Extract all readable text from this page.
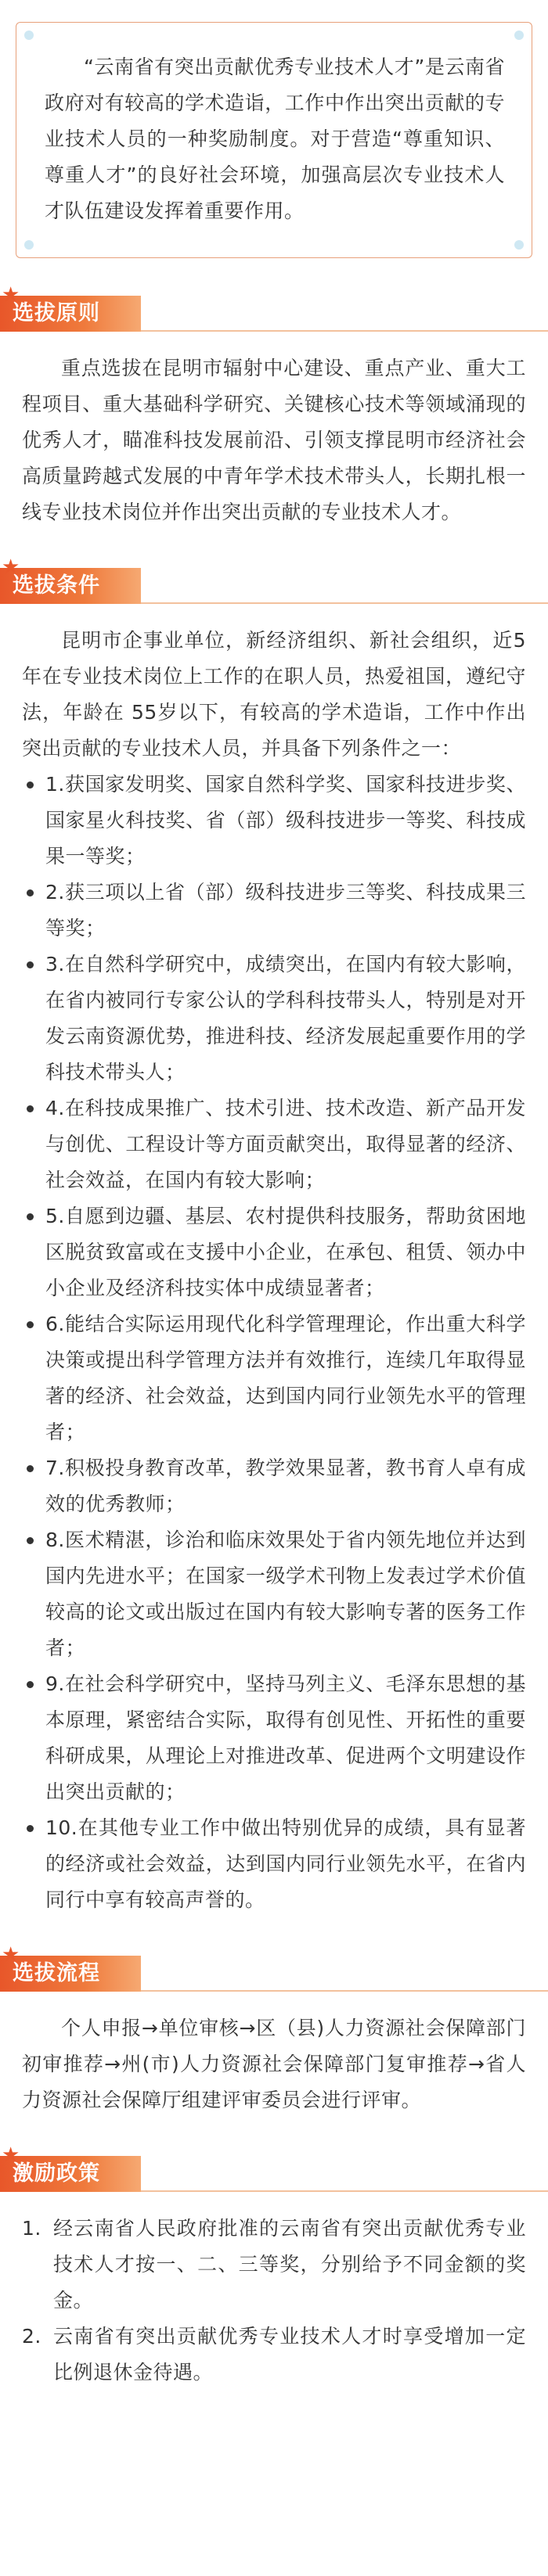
“云南省有突出贡献优秀专业技术人才”是云南省政府对有较高的学术造诣，工作中作出突出贡献的专业技术人员的一种奖励制度。对于营造“尊重知识、尊重人才”的良好社会环境，加强高层次专业技术人才队伍建设发挥着重要作用。

★
选拔原则

重点选拔在昆明市辐射中心建设、重点产业、重大工程项目、重大基础科学研究、关键核心技术等领域涌现的优秀人才，瞄准科技发展前沿、引领支撑昆明市经济社会高质量跨越式发展的中青年学术技术带头人，长期扎根一线专业技术岗位并作出突出贡献的专业技术人才。

★
选拔条件

昆明市企事业单位，新经济组织、新社会组织，近5年在专业技术岗位上工作的在职人员，热爱祖国，遵纪守法，年龄在 55岁以下，有较高的学术造诣，工作中作出突出贡献的专业技术人员，并具备下列条件之一：

1.获国家发明奖、国家自然科学奖、国家科技进步奖、国家星火科技奖、省（部）级科技进步一等奖、科技成果一等奖；
2.获三项以上省（部）级科技进步三等奖、科技成果三等奖；
3.在自然科学研究中，成绩突出，在国内有较大影响，在省内被同行专家公认的学科科技带头人，特别是对开发云南资源优势，推进科技、经济发展起重要作用的学科技术带头人；
4.在科技成果推广、技术引进、技术改造、新产品开发与创优、工程设计等方面贡献突出，取得显著的经济、社会效益，在国内有较大影响；
5.自愿到边疆、基层、农村提供科技服务，帮助贫困地区脱贫致富或在支援中小企业，在承包、租赁、领办中小企业及经济科技实体中成绩显著者；
6.能结合实际运用现代化科学管理理论，作出重大科学决策或提出科学管理方法并有效推行，连续几年取得显著的经济、社会效益，达到国内同行业领先水平的管理者；
7.积极投身教育改革，教学效果显著，教书育人卓有成效的优秀教师；
8.医术精湛，诊治和临床效果处于省内领先地位并达到国内先进水平；在国家一级学术刊物上发表过学术价值较高的论文或出版过在国内有较大影响专著的医务工作者；
9.在社会科学研究中，坚持马列主义、毛泽东思想的基本原理，紧密结合实际，取得有创见性、开拓性的重要科研成果，从理论上对推进改革、促进两个文明建设作出突出贡献的；
10.在其他专业工作中做出特别优异的成绩，具有显著的经济或社会效益，达到国内同行业领先水平，在省内同行中享有较高声誉的。
★
选拔流程

个人申报→单位审核→区（县)人力资源社会保障部门初审推荐→州(市)人力资源社会保障部门复审推荐→省人力资源社会保障厅组建评审委员会进行评审。

★
激励政策
1. 经云南省人民政府批准的云南省有突出贡献优秀专业技术人才按一、二、三等奖，分别给予不同金额的奖金。
2. 云南省有突出贡献优秀专业技术人才时享受增加一定比例退休金待遇。
